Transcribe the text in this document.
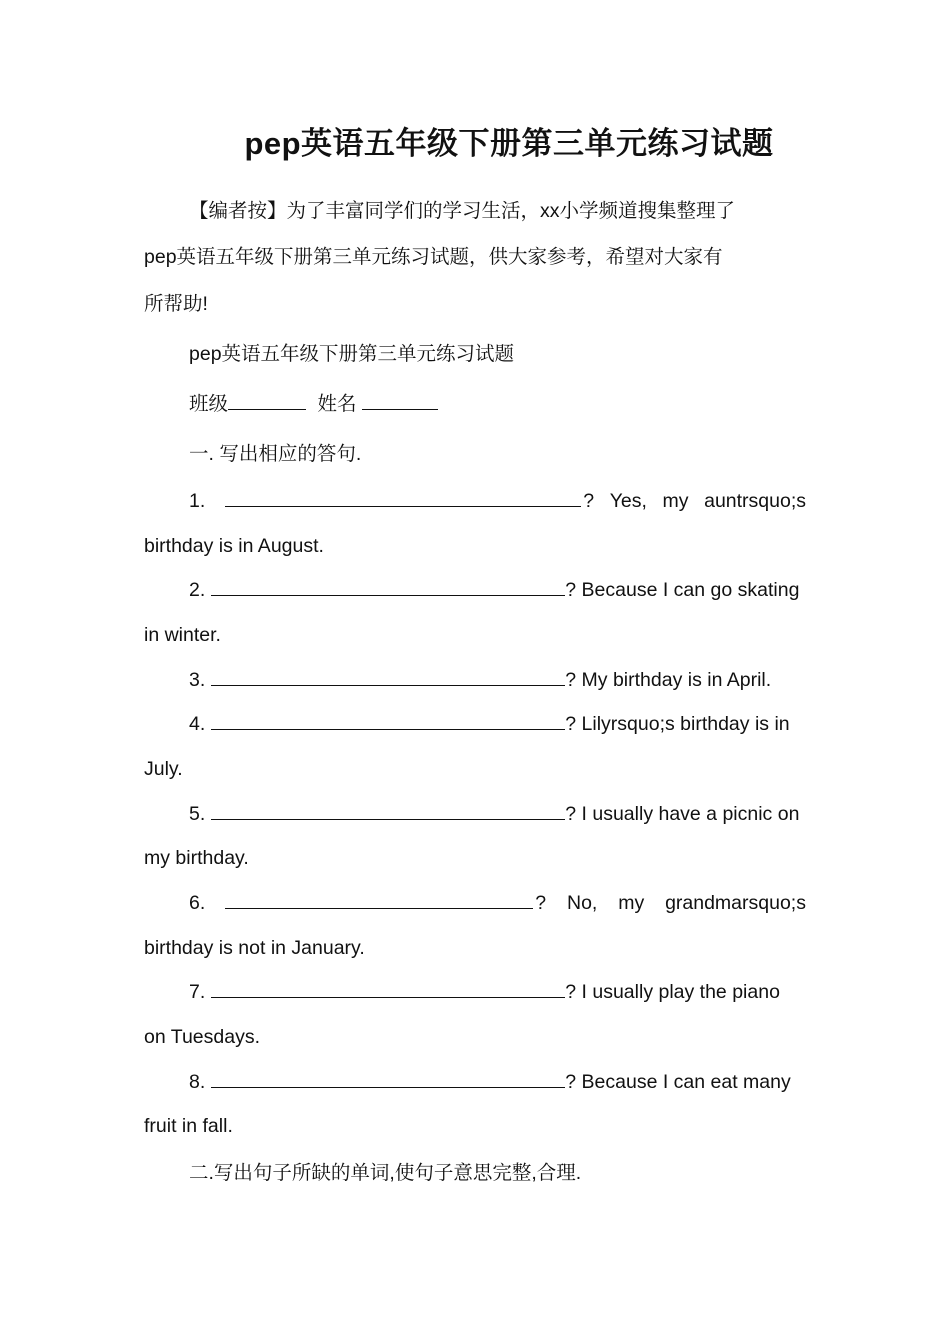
pep英语五年级下册第三单元练习试题
【编者按】为了丰富同学们的学习生活，xx小学频道搜集整理了
pep英语五年级下册第三单元练习试题，供大家参考，希望对大家有
所帮助!
pep英语五年级下册第三单元练习试题
班级	姓名
一. 写出相应的答句.
1.	? Yes, my auntrsquo;s
birthday is in August.
2.	? Because I can go skating
in winter.
3.	? My birthday is in April.
4.	? Lilyrsquo;s birthday is in
July.
5.	? I usually have a picnic on
my birthday.
6.	? No, my grandmarsquo;s
birthday is not in January.
7.	? I usually play the piano
on Tuesdays.
8.	? Because I can eat many
fruit in fall.
二.写出句子所缺的单词,使句子意思完整,合理.
